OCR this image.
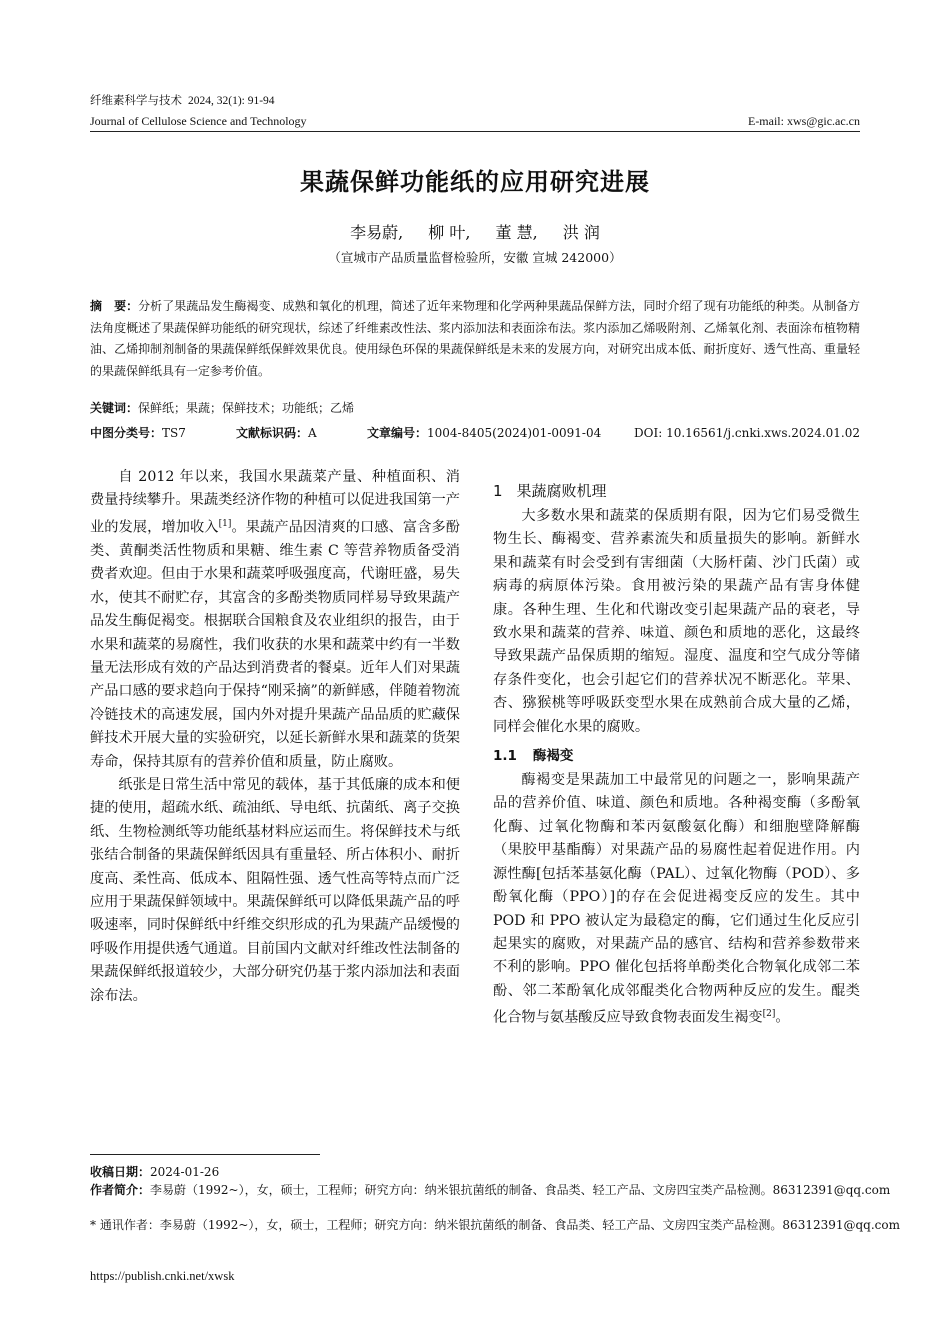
纤维素科学与技术 2024, 32(1): 91-94
Journal of Cellulose Science and Technology	E-mail: xws@gic.ac.cn
果蔬保鲜功能纸的应用研究进展
李易蔚, 柳 叶, 董 慧, 洪 润
（宣城市产品质量监督检验所，安徽 宣城 242000）
摘　要：分析了果蔬品发生酶褐变、成熟和氧化的机理，简述了近年来物理和化学两种果蔬品保鲜方法，同时介绍了现有功能纸的种类。从制备方法角度概述了果蔬保鲜功能纸的研究现状，综述了纤维素改性法、浆内添加法和表面涂布法。浆内添加乙烯吸附剂、乙烯氧化剂、表面涂布植物精油、乙烯抑制剂制备的果蔬保鲜纸保鲜效果优良。使用绿色环保的果蔬保鲜纸是未来的发展方向，对研究出成本低、耐折度好、透气性高、重量轻的果蔬保鲜纸具有一定参考价值。
关键词：保鲜纸；果蔬；保鲜技术；功能纸；乙烯
中图分类号：TS7	文献标识码：A	文章编号：1004-8405(2024)01-0091-04	DOI: 10.16561/j.cnki.xws.2024.01.02

自 2012 年以来，我国水果蔬菜产量、种植面积、消费量持续攀升。果蔬类经济作物的种植可以促进我国第一产业的发展，增加收入[1]。果蔬产品因清爽的口感、富含多酚类、黄酮类活性物质和果糖、维生素 C 等营养物质备受消费者欢迎。但由于水果和蔬菜呼吸强度高，代谢旺盛，易失水，使其不耐贮存，其富含的多酚类物质同样易导致果蔬产品发生酶促褐变。根据联合国粮食及农业组织的报告，由于水果和蔬菜的易腐性，我们收获的水果和蔬菜中约有一半数量无法形成有效的产品达到消费者的餐桌。近年人们对果蔬产品口感的要求趋向于保持“刚采摘”的新鲜感，伴随着物流冷链技术的高速发展，国内外对提升果蔬产品品质的贮藏保鲜技术开展大量的实验研究，以延长新鲜水果和蔬菜的货架寿命，保持其原有的营养价值和质量，防止腐败。

纸张是日常生活中常见的载体，基于其低廉的成本和便捷的使用，超疏水纸、疏油纸、导电纸、抗菌纸、离子交换纸、生物检测纸等功能纸基材料应运而生。将保鲜技术与纸张结合制备的果蔬保鲜纸因具有重量轻、所占体积小、耐折度高、柔性高、低成本、阻隔性强、透气性高等特点而广泛应用于果蔬保鲜领域中。果蔬保鲜纸可以降低果蔬产品的呼吸速率，同时保鲜纸中纤维交织形成的孔为果蔬产品缓慢的呼吸作用提供透气通道。目前国内文献对纤维改性法制备的果蔬保鲜纸报道较少，大部分研究仍基于浆内添加法和表面涂布法。

1 果蔬腐败机理

大多数水果和蔬菜的保质期有限，因为它们易受微生物生长、酶褐变、营养素流失和质量损失的影响。新鲜水果和蔬菜有时会受到有害细菌（大肠杆菌、沙门氏菌）或病毒的病原体污染。食用被污染的果蔬产品有害身体健康。各种生理、生化和代谢改变引起果蔬产品的衰老，导致水果和蔬菜的营养、味道、颜色和质地的恶化，这最终导致果蔬产品保质期的缩短。湿度、温度和空气成分等储存条件变化，也会引起它们的营养状况不断恶化。苹果、杏、猕猴桃等呼吸跃变型水果在成熟前合成大量的乙烯，同样会催化水果的腐败。

1.1 酶褐变

酶褐变是果蔬加工中最常见的问题之一，影响果蔬产品的营养价值、味道、颜色和质地。各种褐变酶（多酚氧化酶、过氧化物酶和苯丙氨酸氨化酶）和细胞壁降解酶（果胶甲基酯酶）对果蔬产品的易腐性起着促进作用。内源性酶[包括苯基氨化酶（PAL）、过氧化物酶（POD）、多酚氧化酶（PPO）]的存在会促进褐变反应的发生。其中 POD 和 PPO 被认定为最稳定的酶，它们通过生化反应引起果实的腐败，对果蔬产品的感官、结构和营养参数带来不利的影响。PPO 催化包括将单酚类化合物氧化成邻二苯酚、邻二苯酚氧化成邻醌类化合物两种反应的发生。醌类化合物与氨基酸反应导致食物表面发生褐变[2]。

收稿日期：2024-01-26
作者简介：李易蔚（1992~），女，硕士，工程师；研究方向：纳米银抗菌纸的制备、食品类、轻工产品、文房四宝类产品检测。86312391@qq.com
* 通讯作者：李易蔚（1992~），女，硕士，工程师；研究方向：纳米银抗菌纸的制备、食品类、轻工产品、文房四宝类产品检测。86312391@qq.com
https://publish.cnki.net/xwsk
